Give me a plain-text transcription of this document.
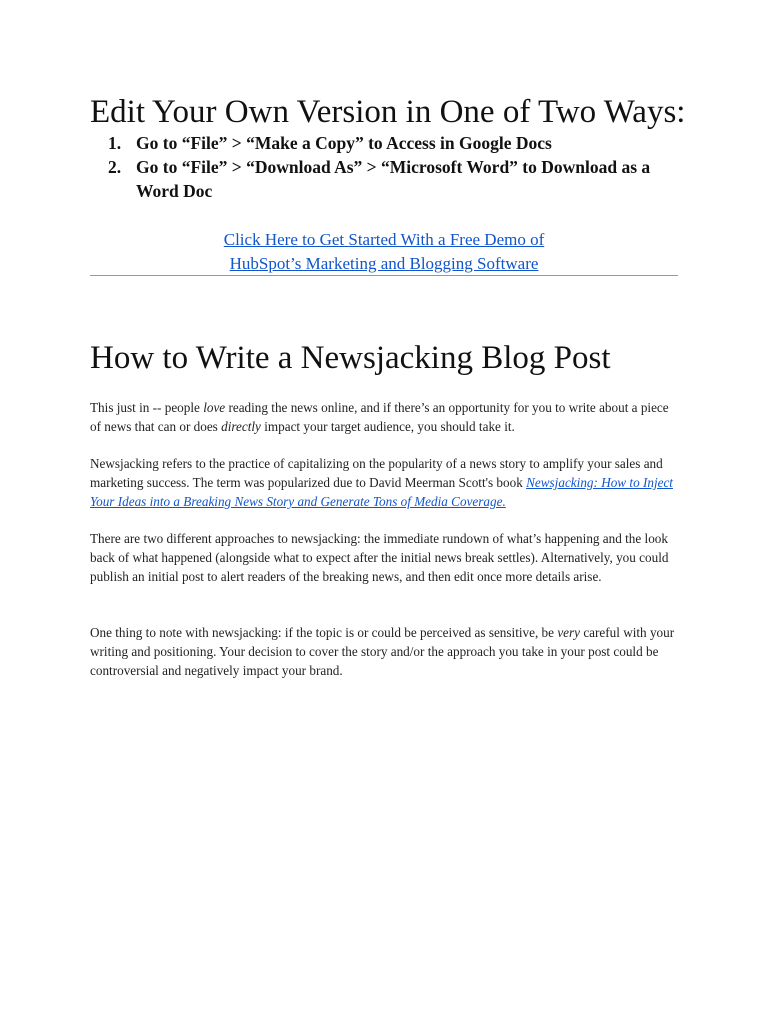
Edit Your Own Version in One of Two Ways:
1. Go to “File” > “Make a Copy” to Access in Google Docs
2. Go to “File” > “Download As” > “Microsoft Word” to Download as a Word Doc
Click Here to Get Started With a Free Demo of
HubSpot’s Marketing and Blogging Software
How to Write a Newsjacking Blog Post

This just in -- people love reading the news online, and if there’s an opportunity for you to write about a piece of news that can or does directly impact your target audience, you should take it.

Newsjacking refers to the practice of capitalizing on the popularity of a news story to amplify your sales and marketing success. The term was popularized due to David Meerman Scott's book Newsjacking: How to Inject Your Ideas into a Breaking News Story and Generate Tons of Media Coverage.

There are two different approaches to newsjacking: the immediate rundown of what’s happening and the look back of what happened (alongside what to expect after the initial news break settles). Alternatively, you could publish an initial post to alert readers of the breaking news, and then edit once more details arise.

One thing to note with newsjacking: if the topic is or could be perceived as sensitive, be very careful with your writing and positioning. Your decision to cover the story and/or the approach you take in your post could be controversial and negatively impact your brand.
